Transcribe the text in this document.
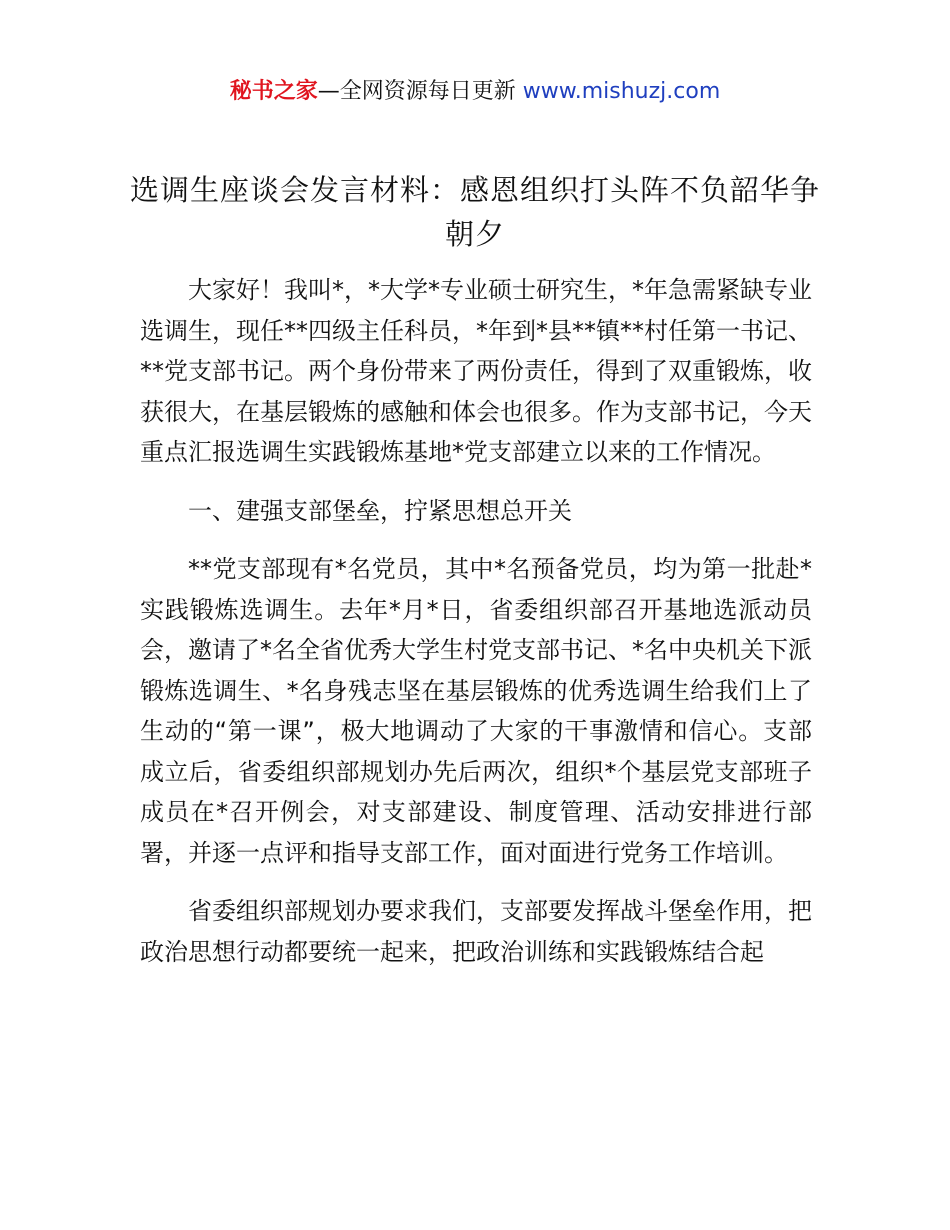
秘书之家—全网资源每日更新 www.mishuzj.com
选调生座谈会发言材料：感恩组织打头阵不负韶华争朝夕

大家好！我叫*，*大学*专业硕士研究生，*年急需紧缺专业选调生，现任**四级主任科员，*年到*县**镇**村任第一书记、**党支部书记。两个身份带来了两份责任，得到了双重锻炼，收获很大，在基层锻炼的感触和体会也很多。作为支部书记，今天重点汇报选调生实践锻炼基地*党支部建立以来的工作情况。

一、建强支部堡垒，拧紧思想总开关

**党支部现有*名党员，其中*名预备党员，均为第一批赴*实践锻炼选调生。去年*月*日，省委组织部召开基地选派动员会，邀请了*名全省优秀大学生村党支部书记、*名中央机关下派锻炼选调生、*名身残志坚在基层锻炼的优秀选调生给我们上了生动的“第一课”，极大地调动了大家的干事激情和信心。支部成立后，省委组织部规划办先后两次，组织*个基层党支部班子成员在*召开例会，对支部建设、制度管理、活动安排进行部署，并逐一点评和指导支部工作，面对面进行党务工作培训。

省委组织部规划办要求我们，支部要发挥战斗堡垒作用，把政治思想行动都要统一起来，把政治训练和实践锻炼结合起
